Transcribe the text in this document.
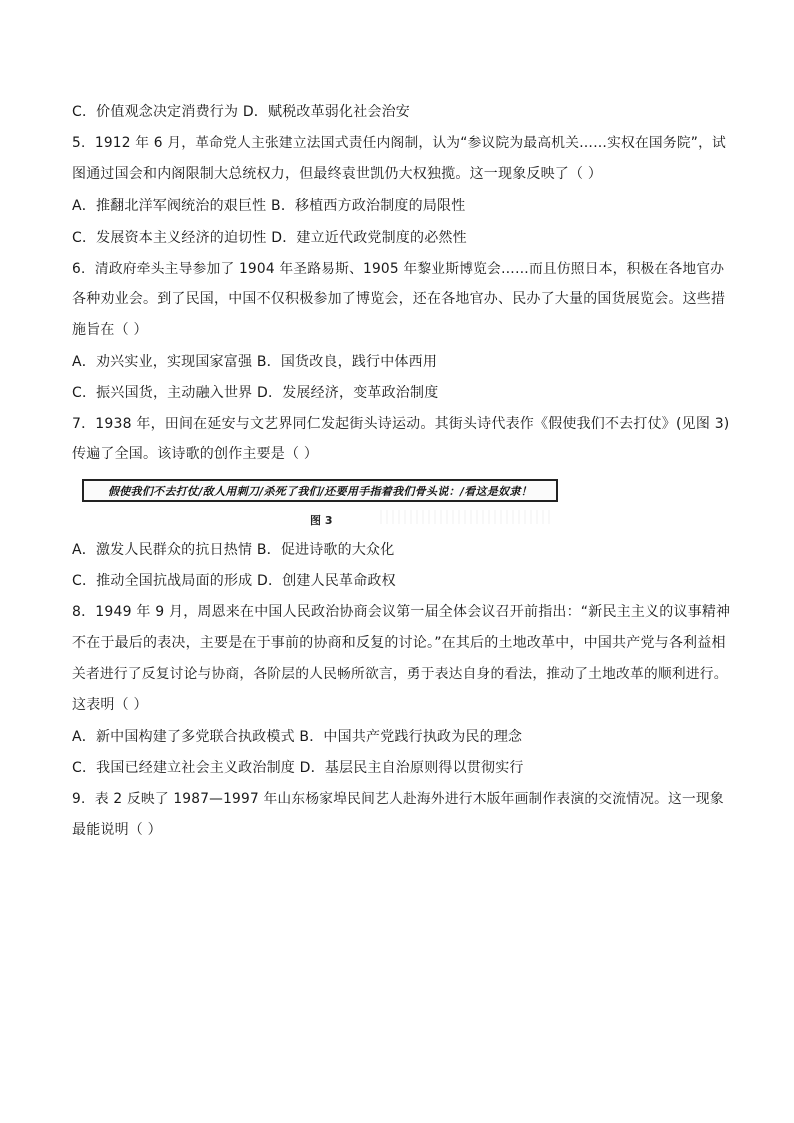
C．价值观念决定消费行为 D．赋税改革弱化社会治安
5．1912 年 6 月，革命党人主张建立法国式责任内阁制，认为“参议院为最高机关……实权在国务院”，试
图通过国会和内阁限制大总统权力，但最终袁世凯仍大权独揽。这一现象反映了（ ）
A．推翻北洋军阀统治的艰巨性 B．移植西方政治制度的局限性
C．发展资本主义经济的迫切性 D．建立近代政党制度的必然性
6．清政府牵头主导参加了 1904 年圣路易斯、1905 年黎业斯博览会……而且仿照日本，积极在各地官办
各种劝业会。到了民国，中国不仅积极参加了博览会，还在各地官办、民办了大量的国货展览会。这些措
施旨在（ ）
A．劝兴实业，实现国家富强 B．国货改良，践行中体西用
C．振兴国货，主动融入世界 D．发展经济，变革政治制度
7．1938 年，田间在延安与文艺界同仁发起街头诗运动。其街头诗代表作《假使我们不去打仗》(见图 3)
传遍了全国。该诗歌的创作主要是（ ）
假使我们不去打仗/敌人用刺刀/杀死了我们/还要用手指着我们骨头说：/看这是奴隶！
图 3
A．激发人民群众的抗日热情 B．促进诗歌的大众化
C．推动全国抗战局面的形成 D．创建人民革命政权
8．1949 年 9 月，周恩来在中国人民政治协商会议第一届全体会议召开前指出：“新民主主义的议事精神
不在于最后的表决，主要是在于事前的协商和反复的讨论。”在其后的土地改革中，中国共产党与各利益相
关者进行了反复讨论与协商，各阶层的人民畅所欲言，勇于表达自身的看法，推动了土地改革的顺利进行。
这表明（ ）
A．新中国构建了多党联合执政模式 B．中国共产党践行执政为民的理念
C．我国已经建立社会主义政治制度 D．基层民主自治原则得以贯彻实行
9．表 2 反映了 1987—1997 年山东杨家埠民间艺人赴海外进行木版年画制作表演的交流情况。这一现象
最能说明（ ）
